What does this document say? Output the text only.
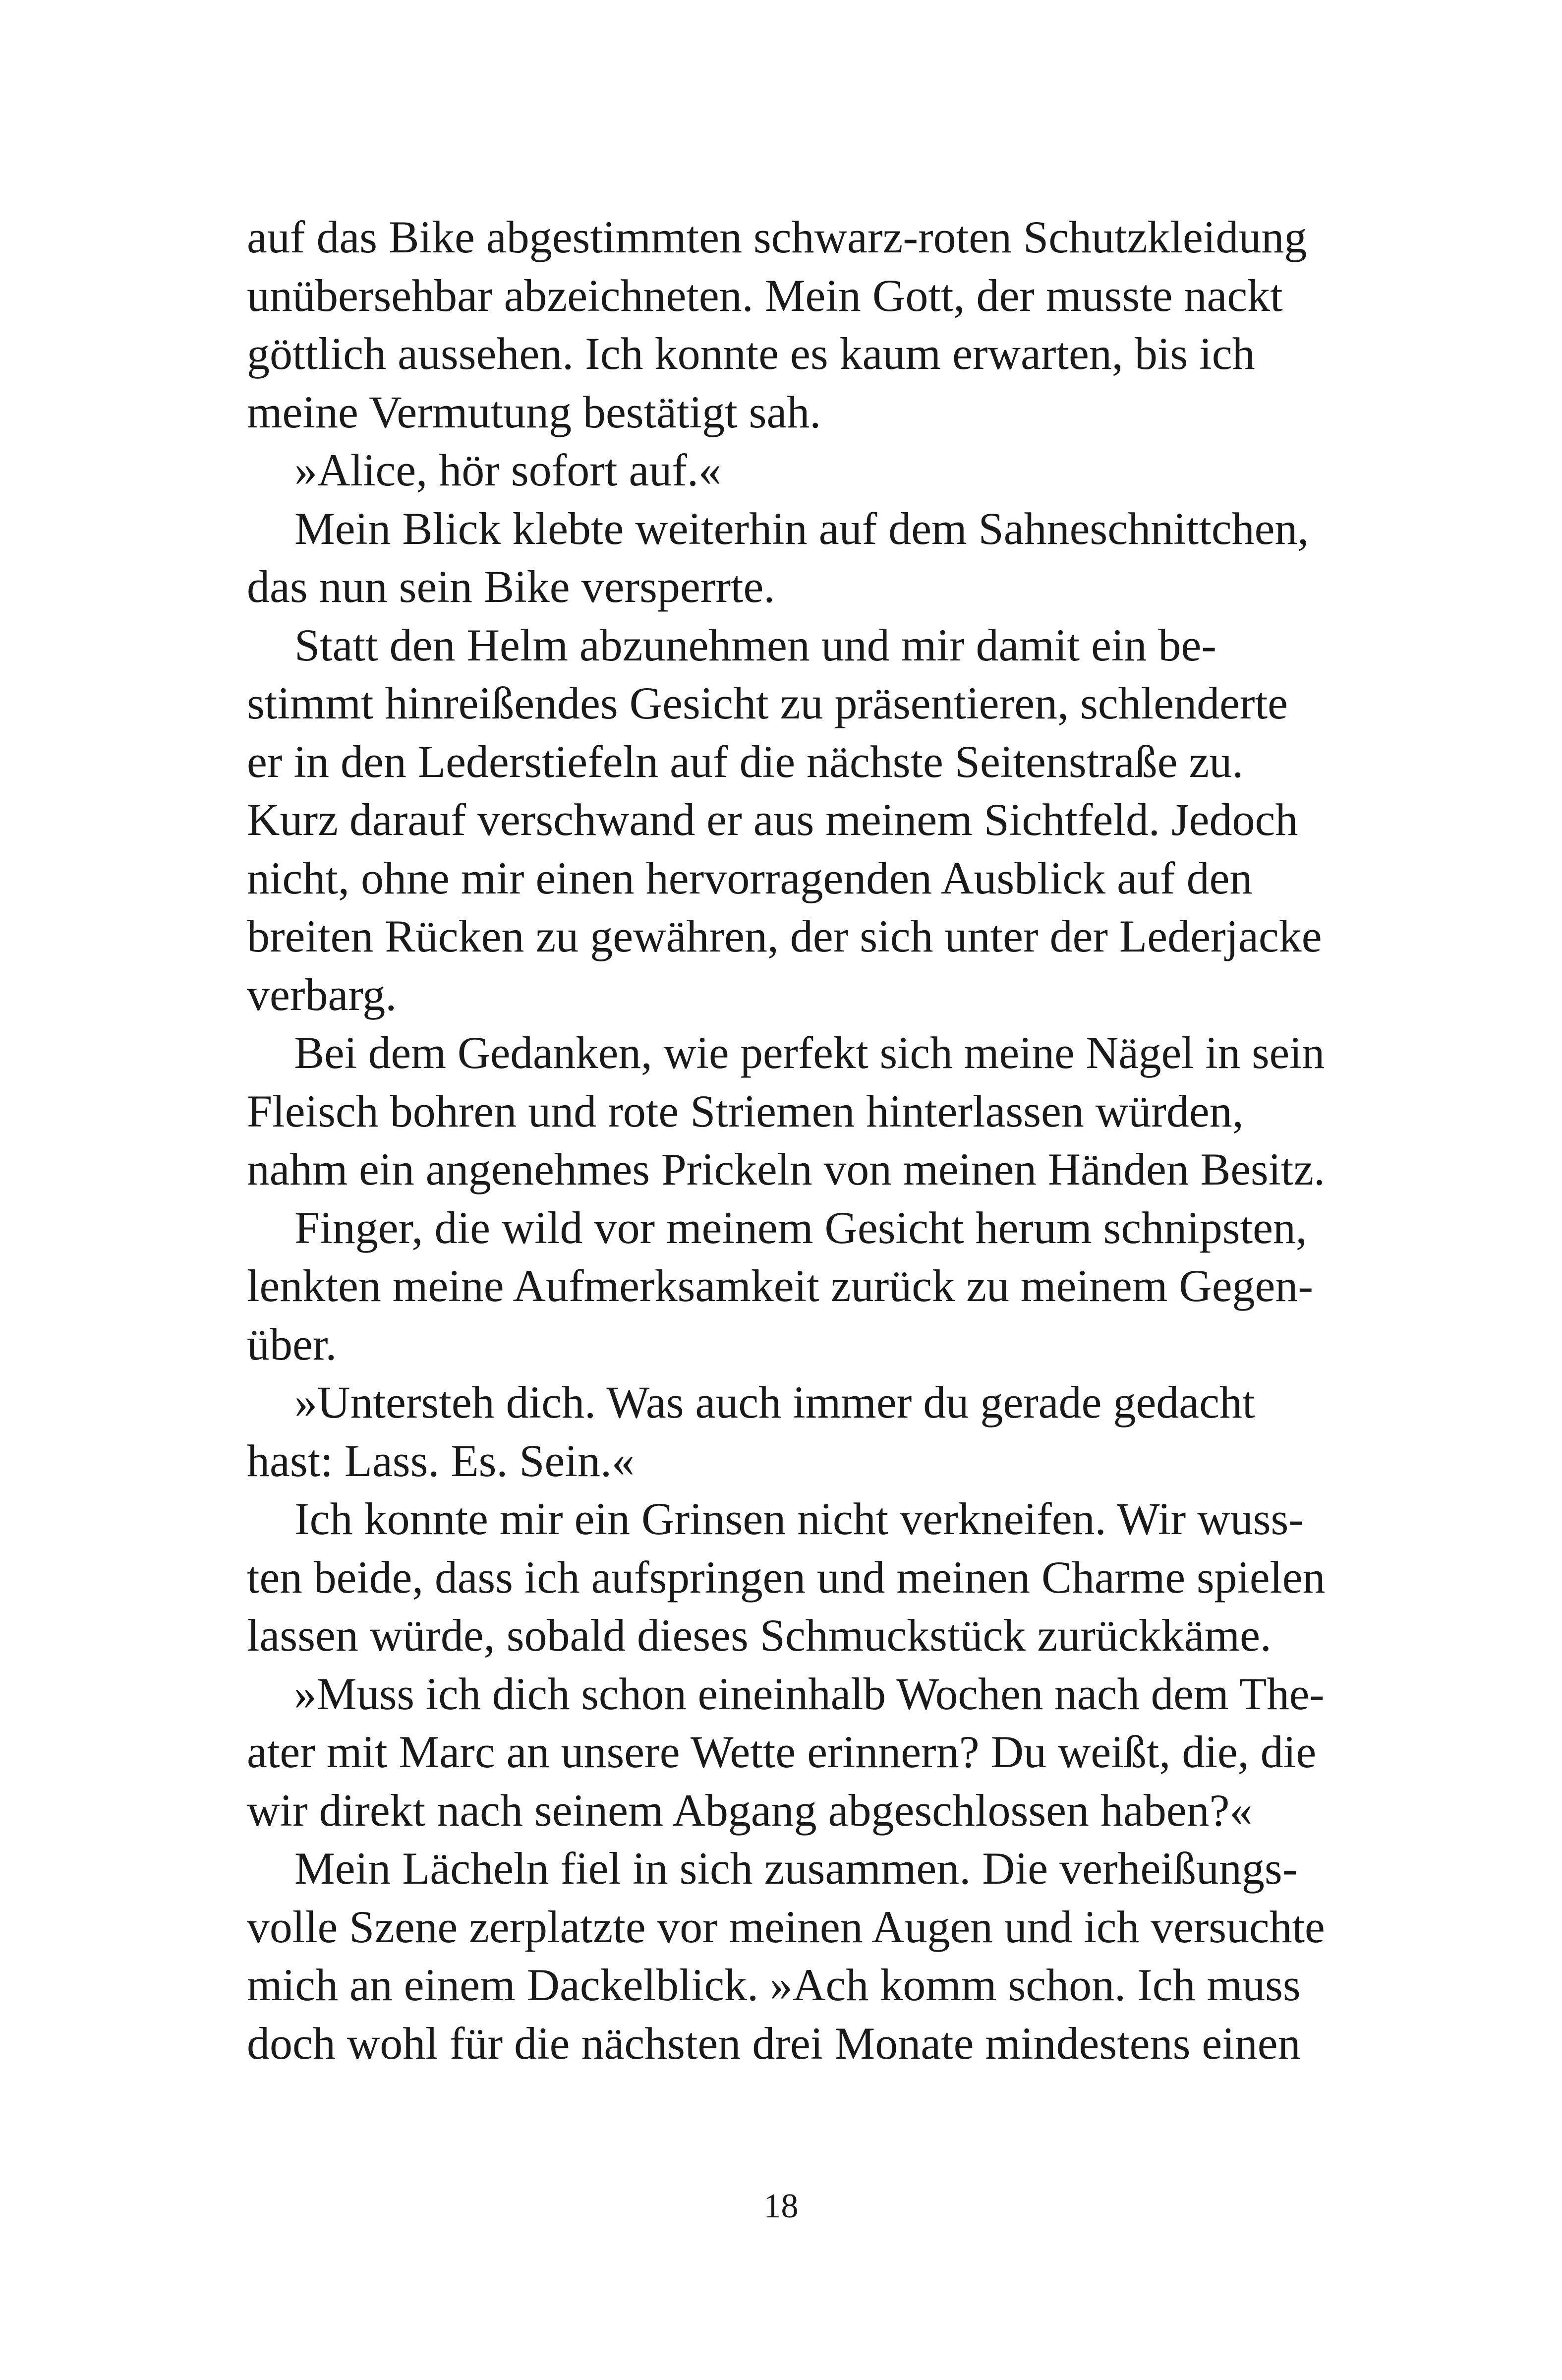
auf das Bike abgestimmten schwarz-roten Schutzkleidung
unübersehbar abzeichneten. Mein Gott, der musste nackt
göttlich aussehen. Ich konnte es kaum erwarten, bis ich
meine Vermutung bestätigt sah.
»Alice, hör sofort auf.«
Mein Blick klebte weiterhin auf dem Sahneschnittchen,
das nun sein Bike versperrte.
Statt den Helm abzunehmen und mir damit ein be-
stimmt hinreißendes Gesicht zu präsentieren, schlenderte
er in den Lederstiefeln auf die nächste Seitenstraße zu.
Kurz darauf verschwand er aus meinem Sichtfeld. Jedoch
nicht, ohne mir einen hervorragenden Ausblick auf den
breiten Rücken zu gewähren, der sich unter der Lederjacke
verbarg.
Bei dem Gedanken, wie perfekt sich meine Nägel in sein
Fleisch bohren und rote Striemen hinterlassen würden,
nahm ein angenehmes Prickeln von meinen Händen Besitz.
Finger, die wild vor meinem Gesicht herum schnipsten,
lenkten meine Aufmerksamkeit zurück zu meinem Gegen-
über.
»Untersteh dich. Was auch immer du gerade gedacht
hast: Lass. Es. Sein.«
Ich konnte mir ein Grinsen nicht verkneifen. Wir wuss-
ten beide, dass ich aufspringen und meinen Charme spielen
lassen würde, sobald dieses Schmuckstück zurückkäme.
»Muss ich dich schon eineinhalb Wochen nach dem The-
ater mit Marc an unsere Wette erinnern? Du weißt, die, die
wir direkt nach seinem Abgang abgeschlossen haben?«
Mein Lächeln fiel in sich zusammen. Die verheißungs-
volle Szene zerplatzte vor meinen Augen und ich versuchte
mich an einem Dackelblick. »Ach komm schon. Ich muss
doch wohl für die nächsten drei Monate mindestens einen
18
